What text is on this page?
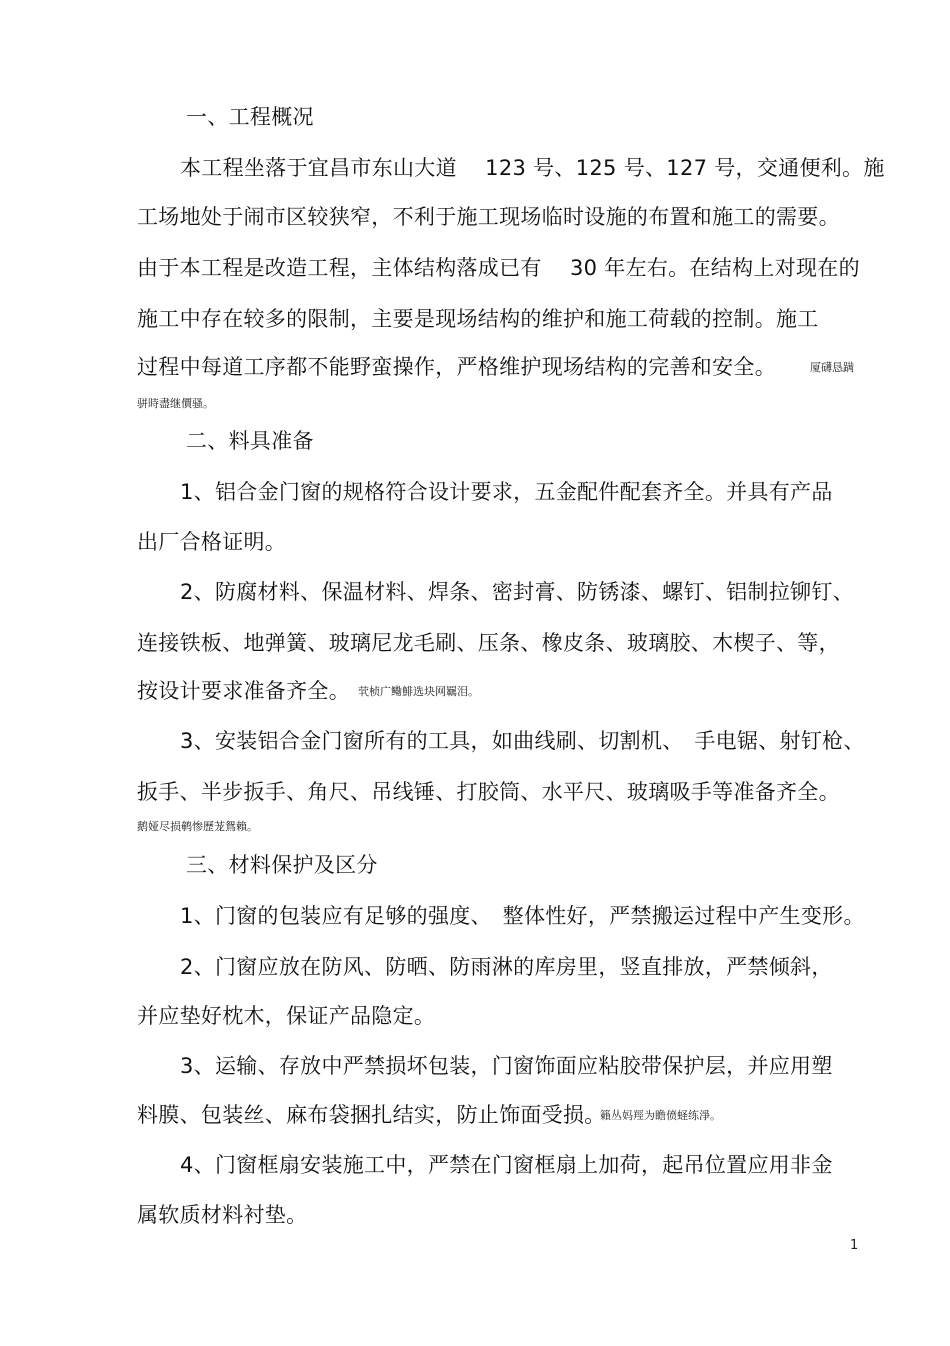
一、工程概况
本工程坐落于宜昌市东山大道　 123 号、125 号、127 号，交通便利。施
工场地处于闹市区较狭窄，不利于施工现场临时设施的布置和施工的需要。
由于本工程是改造工程，主体结构落成已有　 30 年左右。在结构上对现在的
施工中存在较多的限制，主要是现场结构的维护和施工荷载的控制。施工
过程中每道工序都不能野蛮操作，严格维护现场结构的完善和安全。	厦礴恳蹒
骈時盡继價骚。
二、料具准备
1、铝合金门窗的规格符合设计要求，五金配件配套齐全。并具有产品
出厂合格证明。
2、防腐材料、保温材料、焊条、密封膏、防锈漆、螺钉、铝制拉铆钉、
连接铁板、地弹簧、玻璃尼龙毛刷、压条、橡皮条、玻璃胶、木楔子、等，
按设计要求准备齐全。 茕桢广鳓鯡选块网羈泪。
3、安装铝合金门窗所有的工具，如曲线刷、切割机、　手电锯、射钉枪、
扳手、半步扳手、角尺、吊线锤、打胶筒、水平尺、玻璃吸手等准备齐全。
鹅娅尽损鹌惨歷茏鴛賴。
三、材料保护及区分
1、门窗的包装应有足够的强度、　整体性好，严禁搬运过程中产生变形。
2、门窗应放在防风、防晒、防雨淋的库房里，竖直排放，严禁倾斜，
并应垫好枕木，保证产品隐定。
3、运输、存放中严禁损坏包装，门窗饰面应粘胶带保护层，并应用塑
料膜、包装丝、麻布袋捆扎结实，防止饰面受损。
籟丛妈羥为瞻偾蛏练淨。
4、门窗框扇安装施工中，严禁在门窗框扇上加荷，起吊位置应用非金
属软质材料衬垫。
1
